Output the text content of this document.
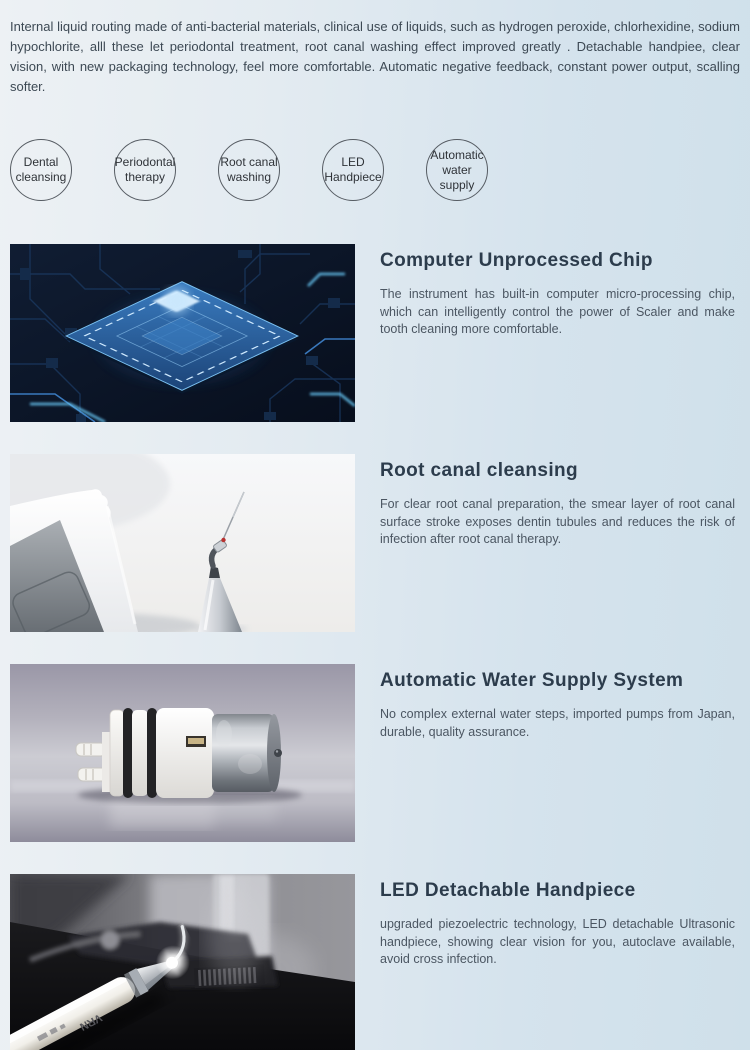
Internal liquid routing made of anti-bacterial materials, clinical use of liquids, such as hydrogen peroxide, chlorhexidine, sodium hypochlorite, alll these let periodontal treatment, root canal washing effect improved greatly . Detachable handpiee, clear vision, with new packaging technology, feel more comfortable. Automatic negative feedback, constant power output, scalling softer.

Dental
cleansing
Periodontal
therapy
Root canal
washing
LED
Handpiece
Automatic
water supply
Computer Unprocessed Chip

The instrument has built-in computer micro-processing chip, which can intelligently control the power of Scaler and make tooth cleaning more comfortable.

Root canal cleansing

For clear root canal preparation, the smear layer of root canal surface stroke exposes dentin tubules and reduces the risk of infection after root canal therapy.

Automatic Water Supply System

No complex external water steps, imported pumps from Japan, durable, quality assurance.

VRN
LED Detachable Handpiece

upgraded piezoelectric technology, LED detachable Ultrasonic handpiece, showing clear vision for you, autoclave available, avoid cross infection.
